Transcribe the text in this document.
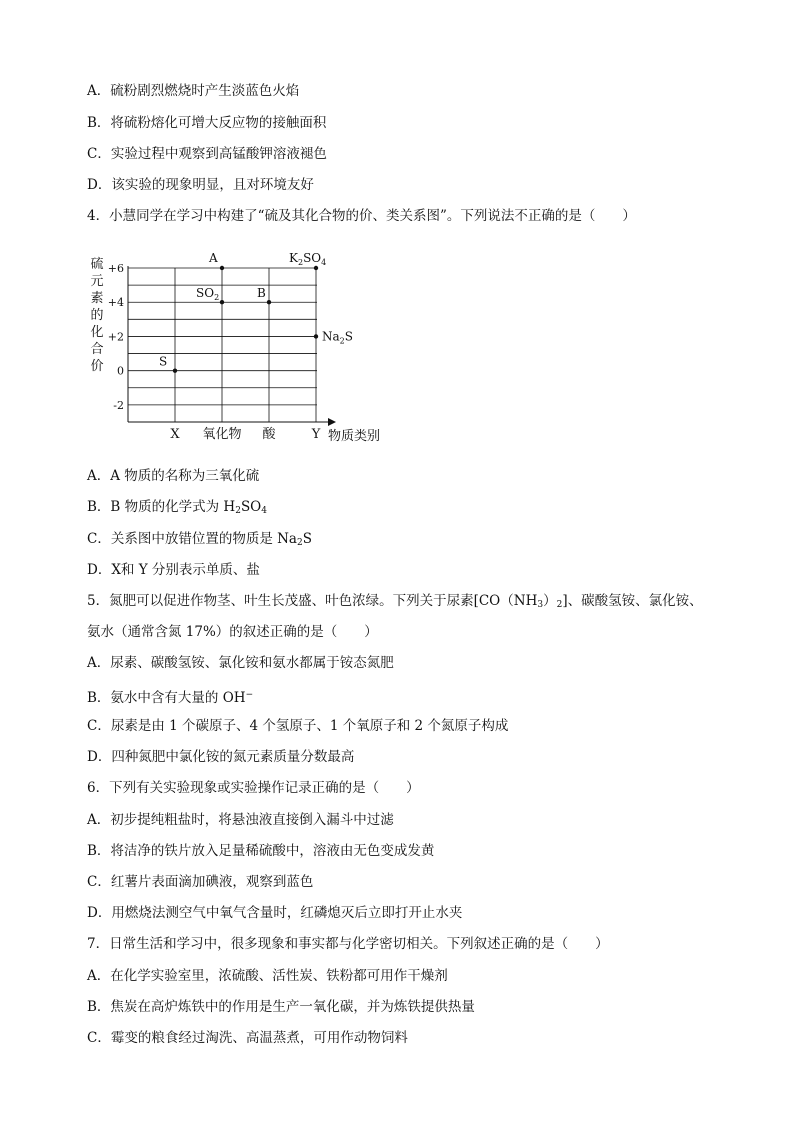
A．硫粉剧烈燃烧时产生淡蓝色火焰
B．将硫粉熔化可增大反应物的接触面积
C．实验过程中观察到高锰酸钾溶液褪色
D．该实验的现象明显，且对环境友好
4．小慧同学在学习中构建了“硫及其化合物的价、类关系图”。下列说法不正确的是（　　）
+6
+4
+2
0
-2
X 氧化物 酸	Y
硫
元
素
的
化
合
价
物质类别
S
A
$SO_2$	B
$K_2SO_4$
$Na_2S$
A．A 物质的名称为三氧化硫
B．B 物质的化学式为 $H_2SO_4$
C．关系图中放错位置的物质是 $Na_2S$
D．X和 Y 分别表示单质、盐
5．氮肥可以促进作物茎、叶生长茂盛、叶色浓绿。下列关于尿素$[CO(NH_3)_2]$、碳酸氢铵、氯化铵、
氨水（通常含氮 17%）的叙述正确的是（　　）
A．尿素、碳酸氢铵、氯化铵和氨水都属于铵态氮肥
B．氨水中含有大量的 OH−
C．尿素是由 1 个碳原子、4 个氢原子、1 个氧原子和 2 个氮原子构成
D．四种氮肥中氯化铵的氮元素质量分数最高
6．下列有关实验现象或实验操作记录正确的是（　　）
A．初步提纯粗盐时，将悬浊液直接倒入漏斗中过滤
B．将洁净的铁片放入足量稀硫酸中，溶液由无色变成发黄
C．红薯片表面滴加碘液，观察到蓝色
D．用燃烧法测空气中氧气含量时，红磷熄灭后立即打开止水夹
7．日常生活和学习中，很多现象和事实都与化学密切相关。下列叙述正确的是（　　）
A．在化学实验室里，浓硫酸、活性炭、铁粉都可用作干燥剂
B．焦炭在高炉炼铁中的作用是生产一氧化碳，并为炼铁提供热量
C．霉变的粮食经过淘洗、高温蒸煮，可用作动物饲料
